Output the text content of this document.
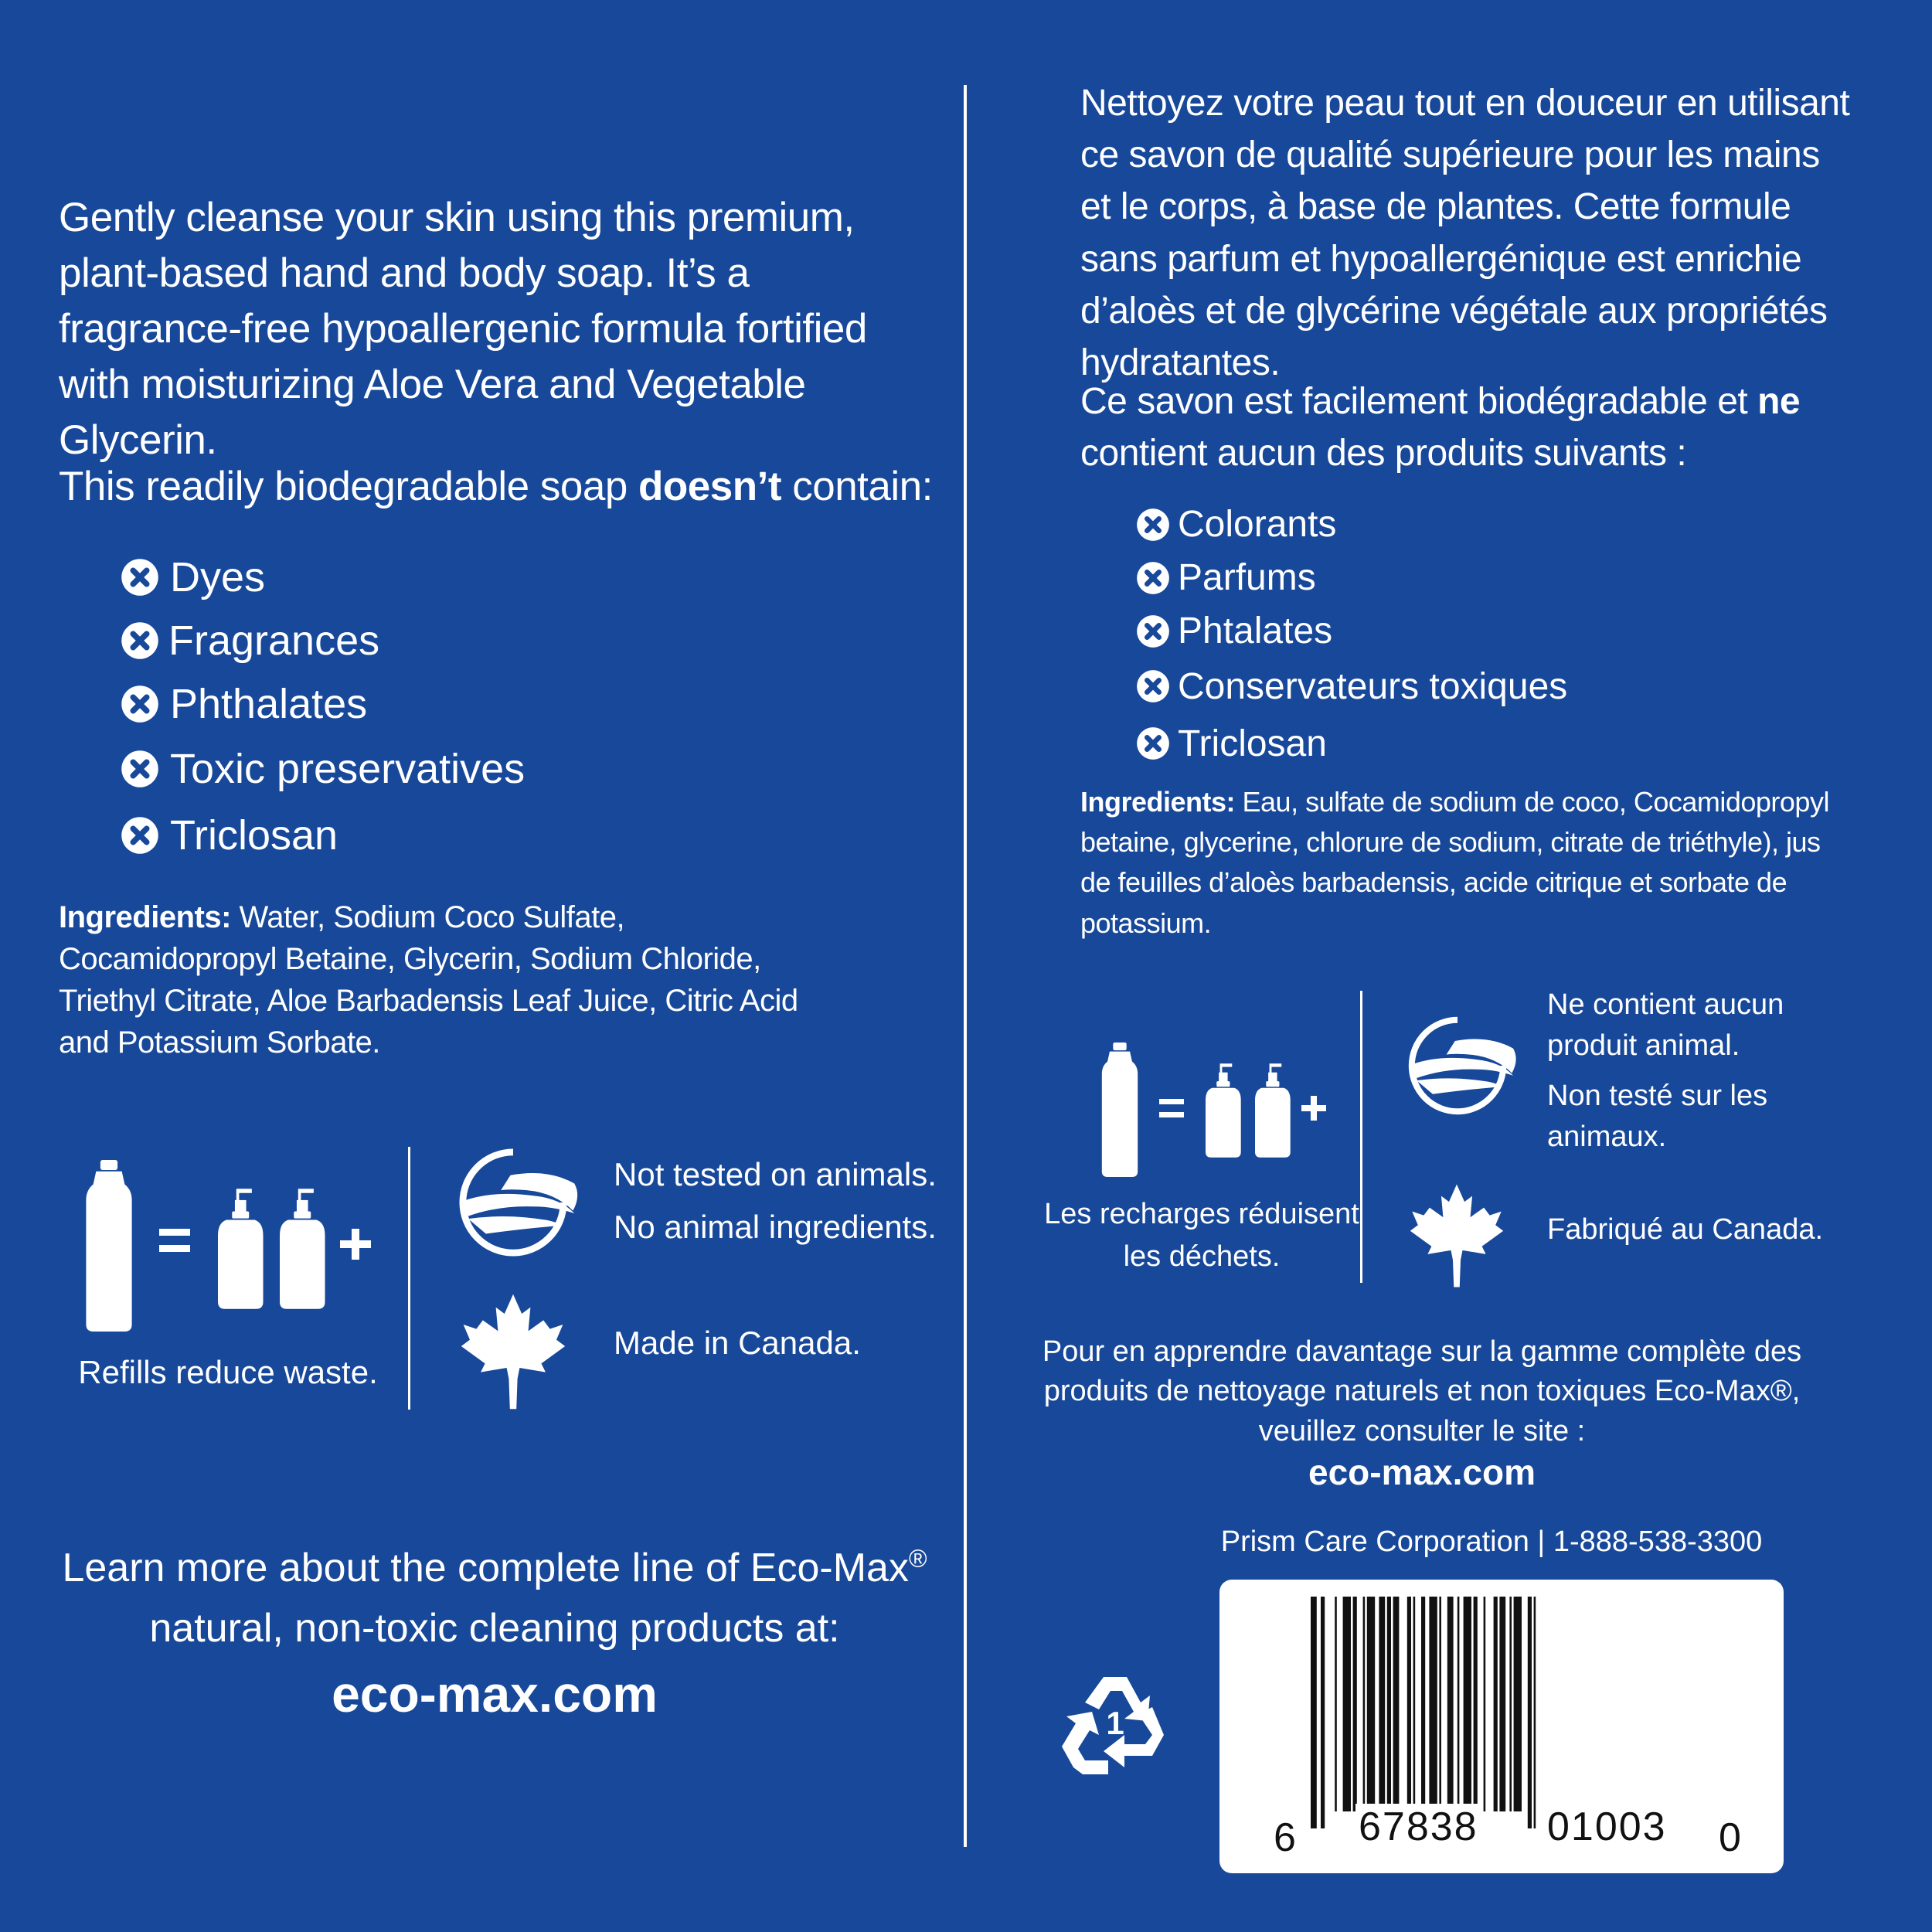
Gently cleanse your skin using this premium, plant-based hand and body soap. It’s a fragrance-free hypoallergenic formula fortified with moisturizing Aloe Vera and Vegetable Glycerin.
This readily biodegradable soap doesn’t contain:
Dyes
Fragrances
Phthalates
Toxic preservatives
Triclosan
Ingredients: Water, Sodium Coco Sulfate, Cocamidopropyl Betaine, Glycerin, Sodium Chloride, Triethyl Citrate, Aloe Barbadensis Leaf Juice, Citric Acid and Potassium Sorbate.
Refills reduce waste.
Not tested on animals.
No animal ingredients.
Made in Canada.
Learn more about the complete line of Eco-Max®
natural, non-toxic cleaning products at:
eco-max.com
Nettoyez votre peau tout en douceur en utilisant ce savon de qualité supérieure pour les mains et le corps, à base de plantes. Cette formule sans parfum et hypoallergénique est enrichie d’aloès et de glycérine végétale aux propriétés hydratantes.
Ce savon est facilement biodégradable et ne contient aucun des produits suivants :
Colorants
Parfums
Phtalates
Conservateurs toxiques
Triclosan
Ingredients: Eau, sulfate de sodium de coco, Cocamidopropyl betaine, glycerine, chlorure de sodium, citrate de triéthyle), jus de feuilles d’aloès barbadensis, acide citrique et sorbate de potassium.
Les recharges réduisent
les déchets.
Ne contient aucun produit animal.
Non testé sur les animaux.
Fabriqué au Canada.
Pour en apprendre davantage sur la gamme complète des
produits de nettoyage naturels et non toxiques Eco-Max®,
veuillez consulter le site :
eco-max.com
Prism Care Corporation | 1-888-538-3300
1
6 67838 01003 0
